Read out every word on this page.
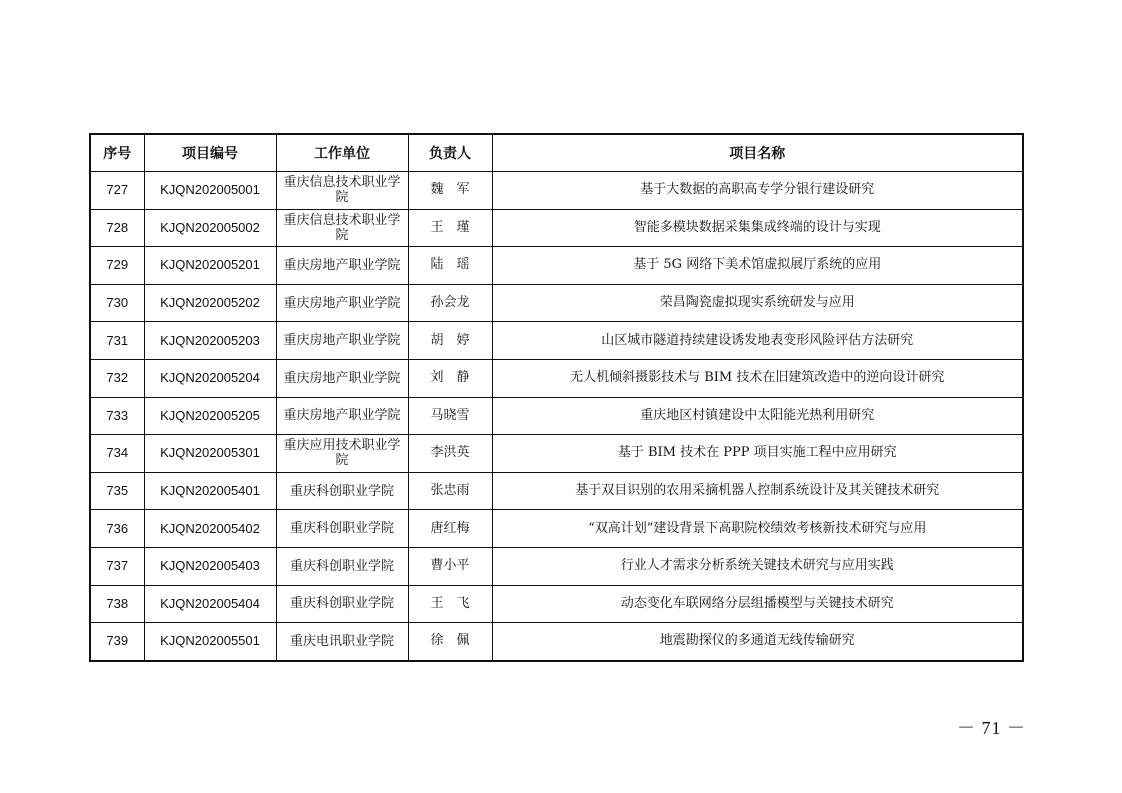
序号	项目编号	工作单位	负责人	项目名称
727	KJQN202005001	重庆信息技术职业学院	魏　军	基于大数据的高职高专学分银行建设研究
728	KJQN202005002	重庆信息技术职业学院	王　瑾	智能多模块数据采集集成终端的设计与实现
729	KJQN202005201	重庆房地产职业学院	陆　瑶	基于 5G 网络下美术馆虚拟展厅系统的应用
730	KJQN202005202	重庆房地产职业学院	孙会龙	荣昌陶瓷虚拟现实系统研发与应用
731	KJQN202005203	重庆房地产职业学院	胡　婷	山区城市隧道持续建设诱发地表变形风险评估方法研究
732	KJQN202005204	重庆房地产职业学院	刘　静	无人机倾斜摄影技术与 BIM 技术在旧建筑改造中的逆向设计研究
733	KJQN202005205	重庆房地产职业学院	马晓雪	重庆地区村镇建设中太阳能光热利用研究
734	KJQN202005301	重庆应用技术职业学院	李洪英	基于 BIM 技术在 PPP 项目实施工程中应用研究
735	KJQN202005401	重庆科创职业学院	张忠雨	基于双目识别的农用采摘机器人控制系统设计及其关键技术研究
736	KJQN202005402	重庆科创职业学院	唐红梅	“双高计划”建设背景下高职院校绩效考核新技术研究与应用
737	KJQN202005403	重庆科创职业学院	曹小平	行业人才需求分析系统关键技术研究与应用实践
738	KJQN202005404	重庆科创职业学院	王　飞	动态变化车联网络分层组播模型与关键技术研究
739	KJQN202005501	重庆电讯职业学院	徐　佩	地震勘探仪的多通道无线传输研究
－ 71 －
